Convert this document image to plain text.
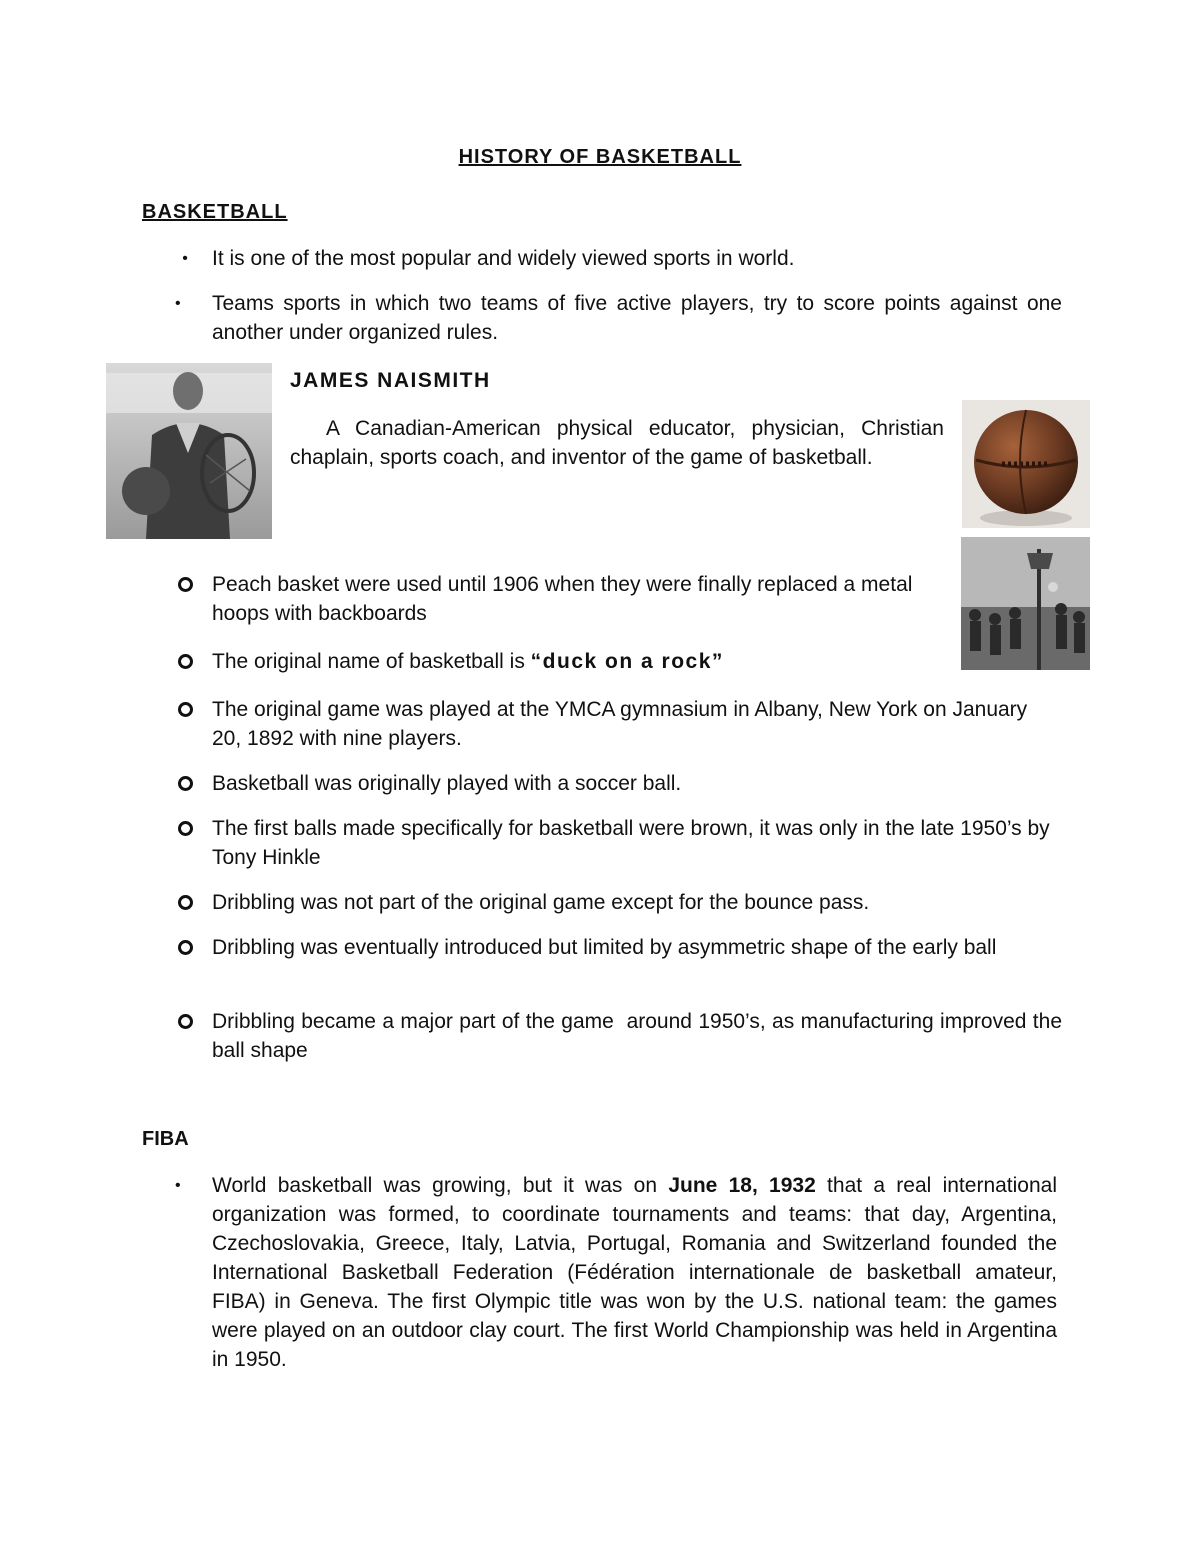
HISTORY OF BASKETBALL
BASKETBALL
•	It is one of the most popular and widely viewed sports in world.
•	Teams sports in which two teams of five active players, try to score points against one another under organized rules.
JAMES NAISMITH
A Canadian-American physical educator, physician, Christian chaplain, sports coach, and inventor of the game of basketball.
Peach basket were used until 1906 when they were finally replaced a metal hoops with backboards
The original name of basketball is “duck on a rock”
The original game was played at the YMCA gymnasium in Albany, New York on January 20, 1892 with nine players.
Basketball was originally played with a soccer ball.
The first balls made specifically for basketball were brown, it was only in the late 1950’s by Tony Hinkle
Dribbling was not part of the original game except for the bounce pass.
Dribbling was eventually introduced but limited by asymmetric shape of the early ball
Dribbling became a major part of the game  around 1950’s, as manufacturing improved the ball shape
FIBA
•	World basketball was growing, but it was on June 18, 1932 that a real international organization was formed, to coordinate tournaments and teams: that day, Argentina, Czechoslovakia, Greece, Italy, Latvia, Portugal, Romania and Switzerland founded the International Basketball Federation (Fédération internationale de basketball amateur, FIBA) in Geneva. The first Olympic title was won by the U.S. national team: the games were played on an outdoor clay court. The first World Championship was held in Argentina in 1950.
